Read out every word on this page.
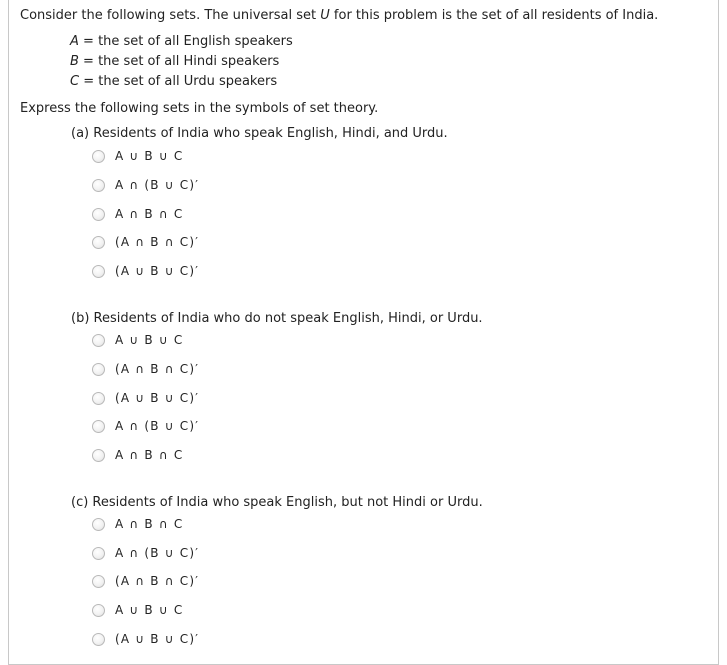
Consider the following sets. The universal set U for this problem is the set of all residents of India.
A = the set of all English speakers
B = the set of all Hindi speakers
C = the set of all Urdu speakers
Express the following sets in the symbols of set theory.
(a) Residents of India who speak English, Hindi, and Urdu.
A ∪ B ∪ C
A ∩ (B ∪ C)′
A ∩ B ∩ C
(A ∩ B ∩ C)′
(A ∪ B ∪ C)′
(b) Residents of India who do not speak English, Hindi, or Urdu.
A ∪ B ∪ C
(A ∩ B ∩ C)′
(A ∪ B ∪ C)′
A ∩ (B ∪ C)′
A ∩ B ∩ C
(c) Residents of India who speak English, but not Hindi or Urdu.
A ∩ B ∩ C
A ∩ (B ∪ C)′
(A ∩ B ∩ C)′
A ∪ B ∪ C
(A ∪ B ∪ C)′
